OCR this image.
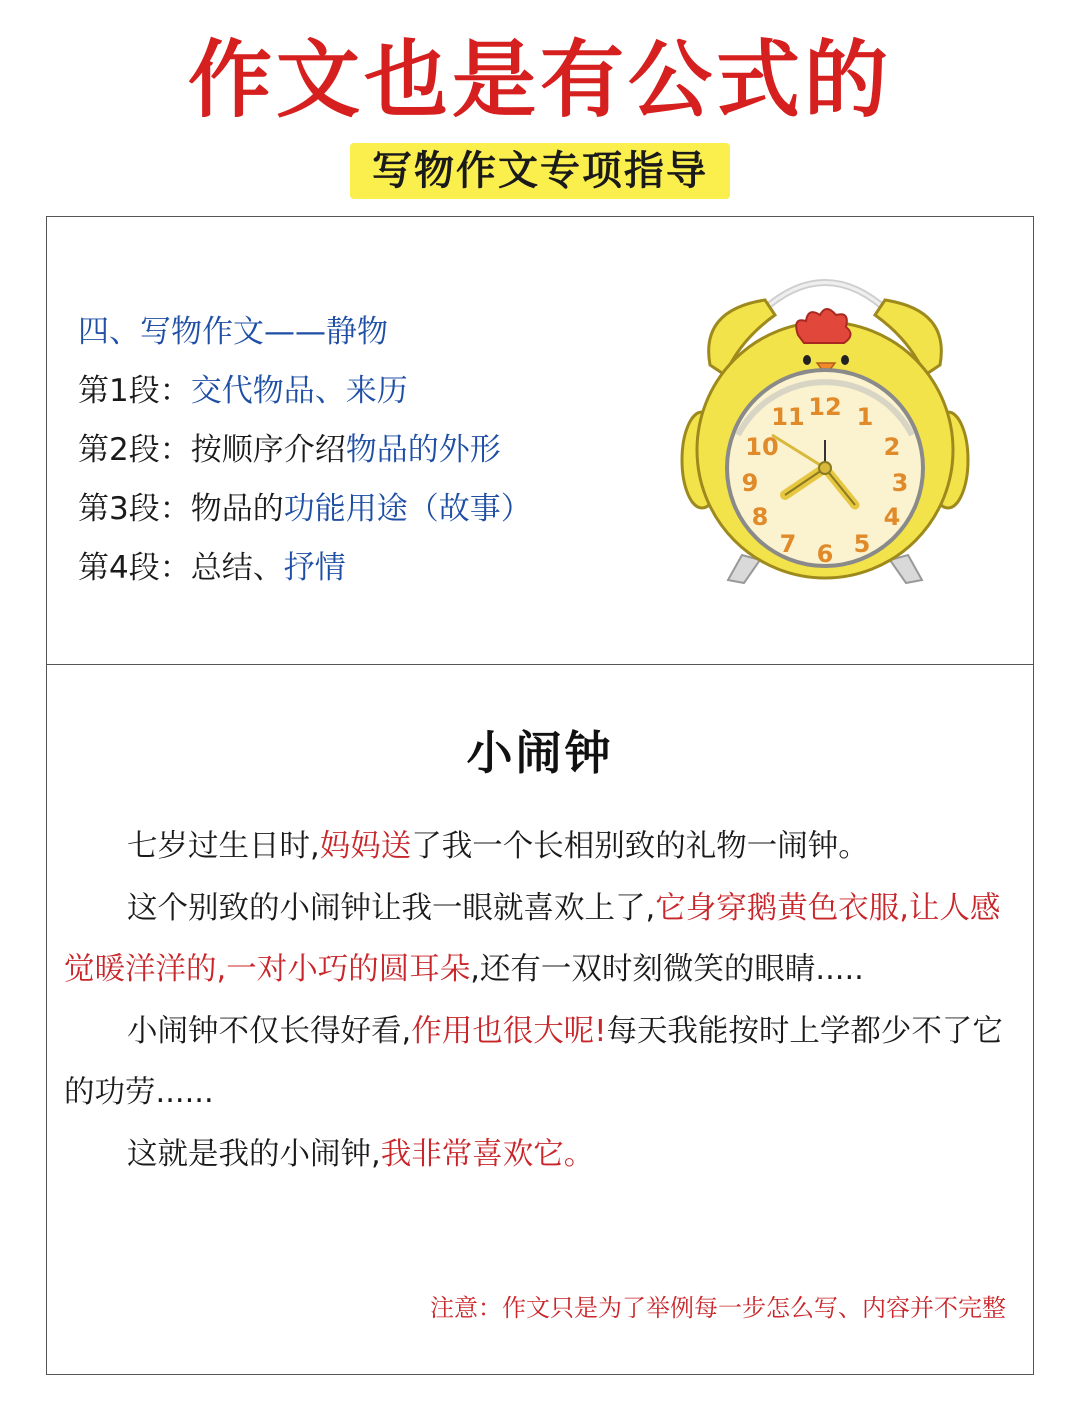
作文也是有公式的
写物作文专项指导
四、写物作文——静物
第1段：交代物品、来历
第2段：按顺序介绍物品的外形
第3段：物品的功能用途（故事）
第4段：总结、抒情
12 1
2
3
4
5
6
7
8
9
10
11
小闹钟

七岁过生日时,妈妈送了我一个长相别致的礼物一闹钟。

这个别致的小闹钟让我一眼就喜欢上了,它身穿鹅黄色衣服,让人感觉暖洋洋的,一对小巧的圆耳朵,还有一双时刻微笑的眼睛.....

小闹钟不仅长得好看,作用也很大呢!每天我能按时上学都少不了它的功劳......

这就是我的小闹钟,我非常喜欢它。

注意：作文只是为了举例每一步怎么写、内容并不完整
